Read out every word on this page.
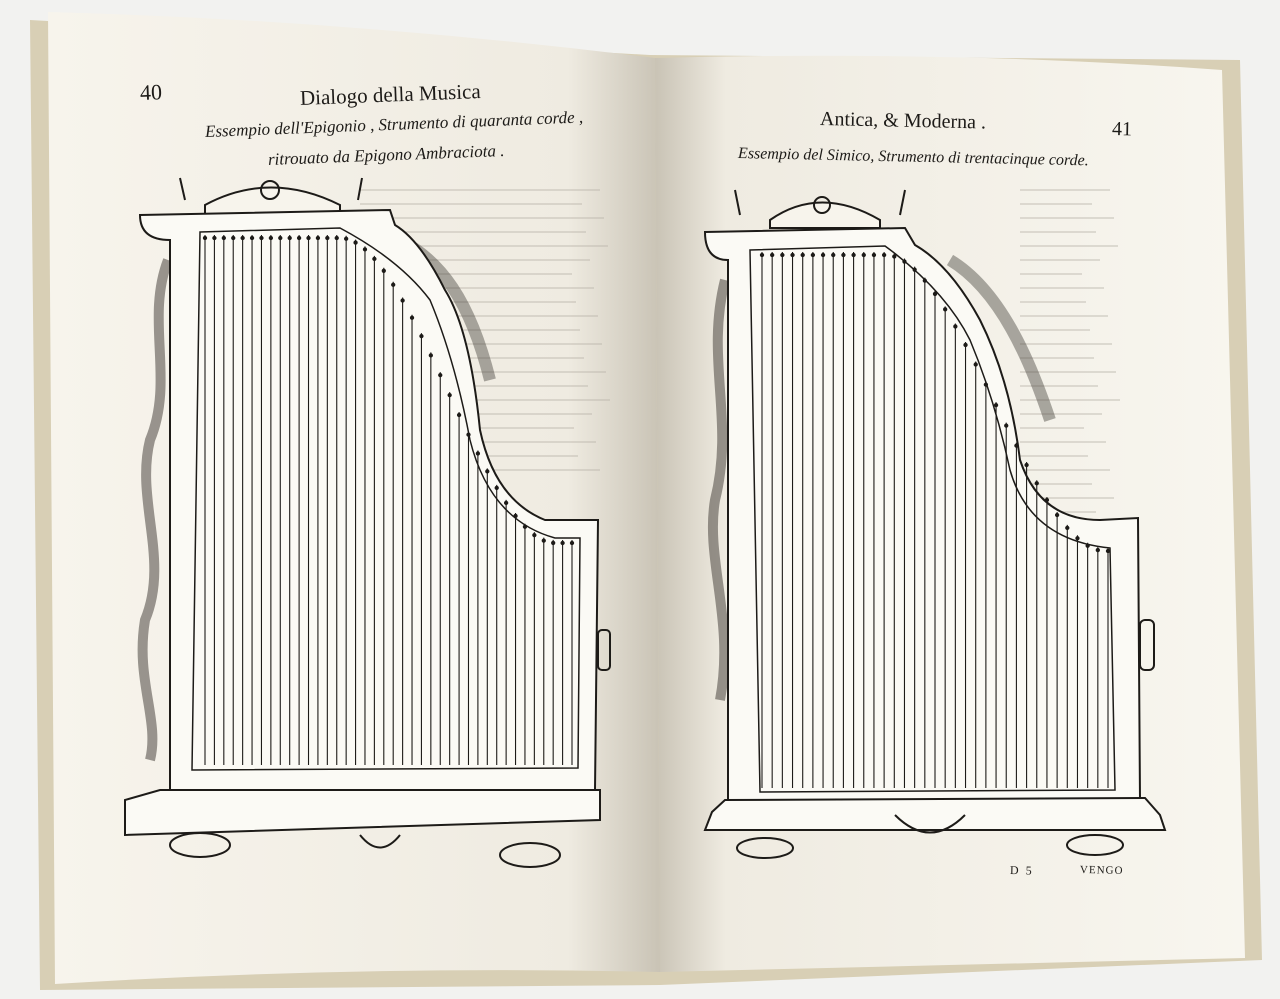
40	Dialogo della Musica
Essempio dell'Epigonio , Strumento di quaranta corde ,
ritrouato da Epigono Ambraciota .
Antica, & Moderna .	41
Essempio del Simico, Strumento di trentacinque corde.
D 5	VENGO
